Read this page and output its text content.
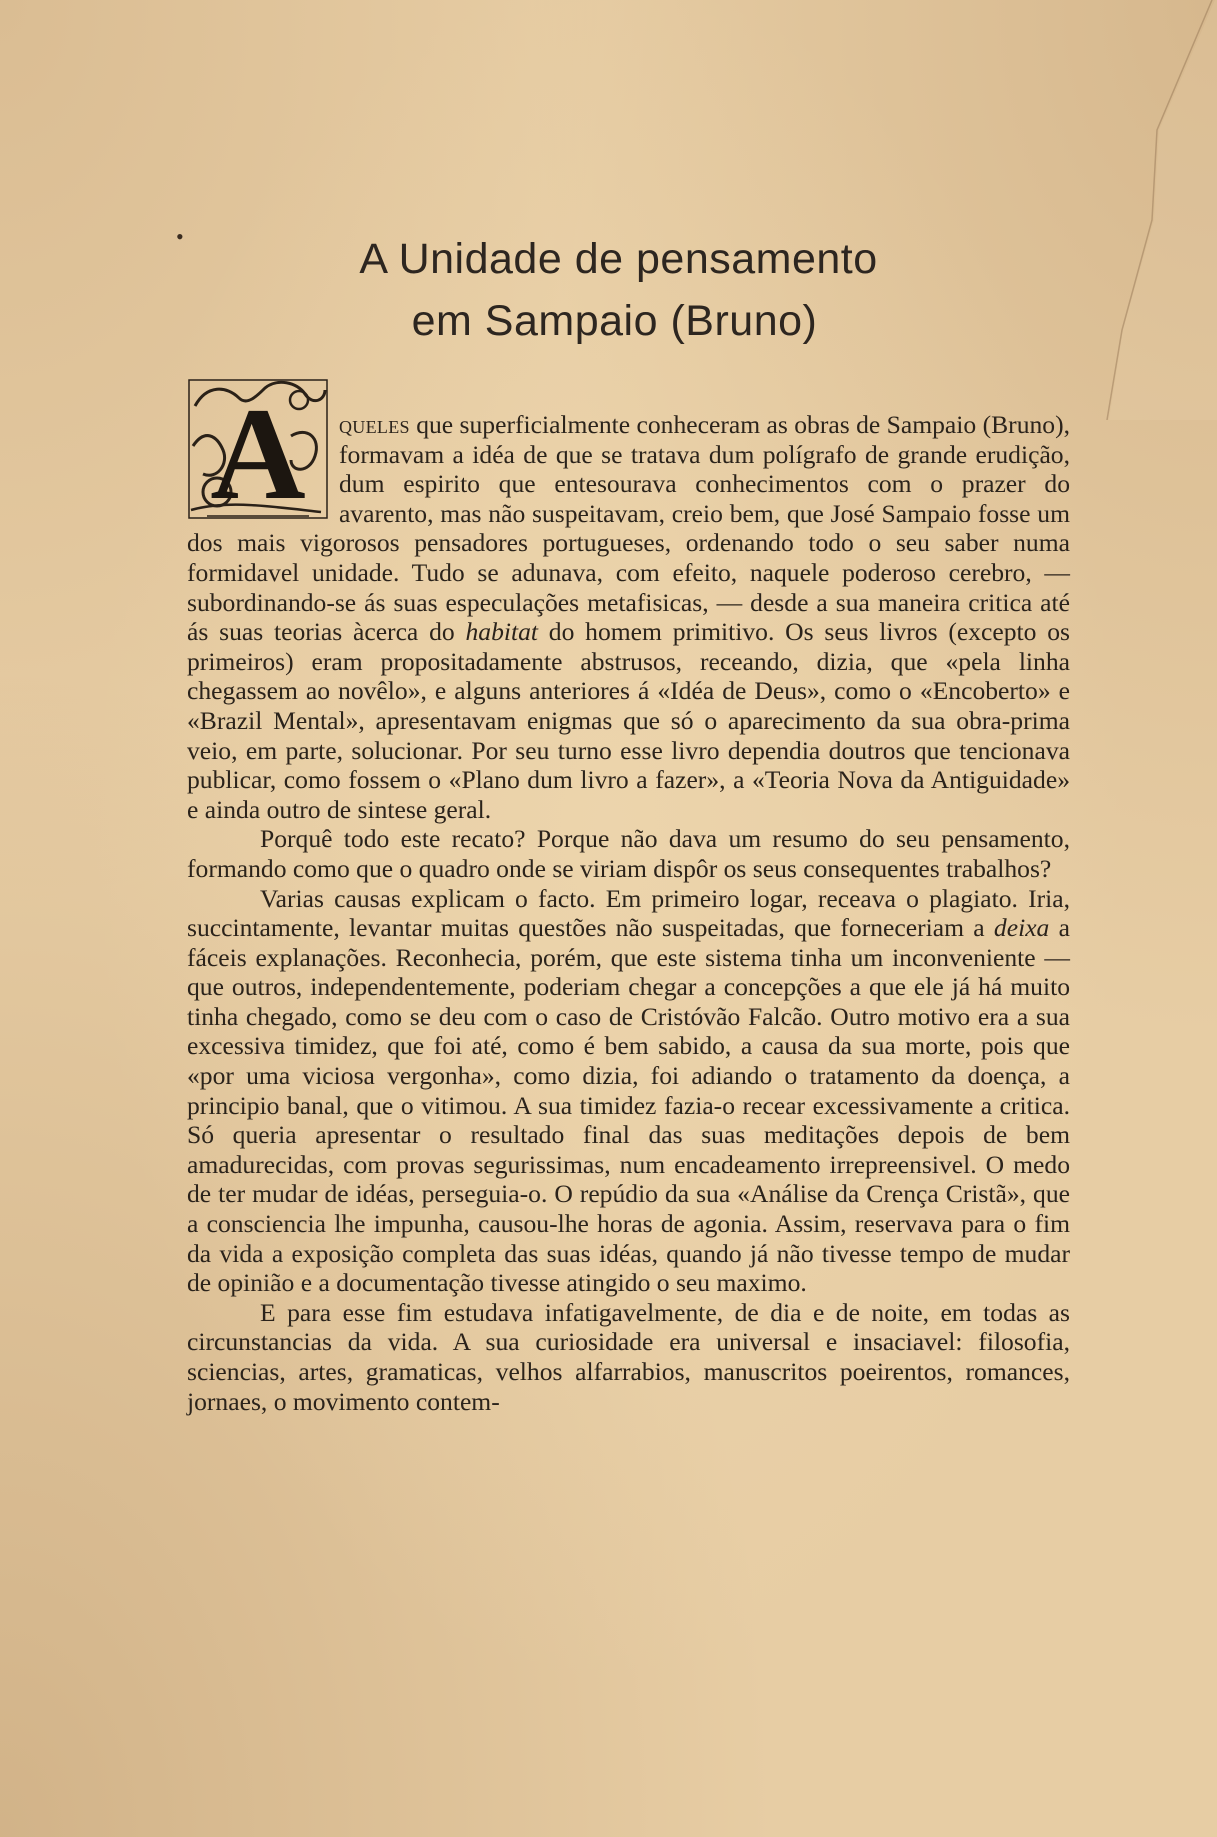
•	A Unidade de pensamento
em Sampaio (Bruno)

A queles que superficialmente conheceram as obras de Sampaio (Bruno), formavam a idéa de que se tratava dum polígrafo de grande erudição, dum espirito que entesourava conhecimentos com o prazer do avarento, mas não suspeitavam, creio bem, que José Sampaio fosse um dos mais vigorosos pensadores portugueses, ordenando todo o seu saber numa formidavel unidade. Tudo se adunava, com efeito, naquele poderoso cerebro, — subordinando-se ás suas especulações metafisicas, — desde a sua maneira critica até ás suas teorias àcerca do habitat do homem primitivo. Os seus livros (excepto os primeiros) eram propositadamente abstrusos, receando, dizia, que «pela linha chegassem ao novêlo», e alguns anteriores á «Idéa de Deus», como o «Encoberto» e «Brazil Mental», apresentavam enigmas que só o aparecimento da sua obra-prima veio, em parte, solucionar. Por seu turno esse livro dependia doutros que tencionava publicar, como fossem o «Plano dum livro a fazer», a «Teoria Nova da Antiguidade» e ainda outro de sintese geral.

Porquê todo este recato? Porque não dava um resumo do seu pensamento, formando como que o quadro onde se viriam dispôr os seus consequentes trabalhos?

Varias causas explicam o facto. Em primeiro logar, receava o plagiato. Iria, succintamente, levantar muitas questões não suspeitadas, que forneceriam a deixa a fáceis explanações. Reconhecia, porém, que este sistema tinha um inconveniente — que outros, independentemente, poderiam chegar a concepções a que ele já há muito tinha chegado, como se deu com o caso de Cristóvão Falcão. Outro motivo era a sua excessiva timidez, que foi até, como é bem sabido, a causa da sua morte, pois que «por uma viciosa vergonha», como dizia, foi adiando o tratamento da doença, a principio banal, que o vitimou. A sua timidez fazia-o recear excessivamente a critica. Só queria apresentar o resultado final das suas meditações depois de bem amadurecidas, com provas segurissimas, num encadeamento irrepreensivel. O medo de ter mudar de idéas, perseguia-o. O repúdio da sua «Análise da Crença Cristã», que a consciencia lhe impunha, causou-lhe horas de agonia. Assim, reservava para o fim da vida a exposição completa das suas idéas, quando já não tivesse tempo de mudar de opinião e a documentação tivesse atingido o seu maximo.

E para esse fim estudava infatigavelmente, de dia e de noite, em todas as circunstancias da vida. A sua curiosidade era universal e insaciavel: filosofia, sciencias, artes, gramaticas, velhos alfarrabios, manuscritos poeirentos, romances, jornaes, o movimento contem-
